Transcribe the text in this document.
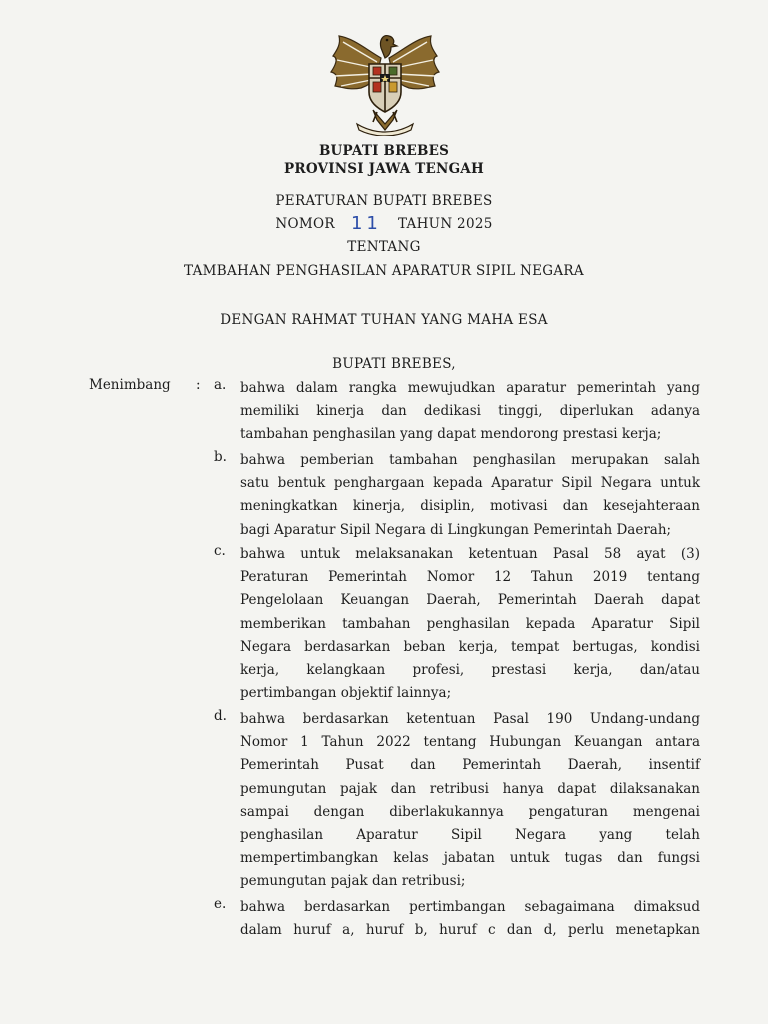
BUPATI BREBES
PROVINSI JAWA TENGAH
PERATURAN BUPATI BREBES
NOMOR 11 TAHUN 2025
TENTANG
TAMBAHAN PENGHASILAN APARATUR SIPIL NEGARA
DENGAN RAHMAT TUHAN YANG MAHA ESA
BUPATI BREBES,
Menimbang : a. bahwa dalam rangka mewujudkan aparatur pemerintah yang
memiliki kinerja dan dedikasi tinggi, diperlukan adanya
tambahan penghasilan yang dapat mendorong prestasi kerja;
b. bahwa pemberian tambahan penghasilan merupakan salah
satu bentuk penghargaan kepada Aparatur Sipil Negara untuk
meningkatkan kinerja, disiplin, motivasi dan kesejahteraan
bagi Aparatur Sipil Negara di Lingkungan Pemerintah Daerah;
c. bahwa untuk melaksanakan ketentuan Pasal 58 ayat (3)
Peraturan Pemerintah Nomor 12 Tahun 2019 tentang
Pengelolaan Keuangan Daerah, Pemerintah Daerah dapat
memberikan tambahan penghasilan kepada Aparatur Sipil
Negara berdasarkan beban kerja, tempat bertugas, kondisi
kerja, kelangkaan profesi, prestasi kerja, dan/atau
pertimbangan objektif lainnya;
d. bahwa berdasarkan ketentuan Pasal 190 Undang-undang
Nomor 1 Tahun 2022 tentang Hubungan Keuangan antara
Pemerintah Pusat dan Pemerintah Daerah, insentif
pemungutan pajak dan retribusi hanya dapat dilaksanakan
sampai dengan diberlakukannya pengaturan mengenai
penghasilan Aparatur Sipil Negara yang telah
mempertimbangkan kelas jabatan untuk tugas dan fungsi
pemungutan pajak dan retribusi;
e. bahwa berdasarkan pertimbangan sebagaimana dimaksud
dalam huruf a, huruf b, huruf c dan d, perlu menetapkan
